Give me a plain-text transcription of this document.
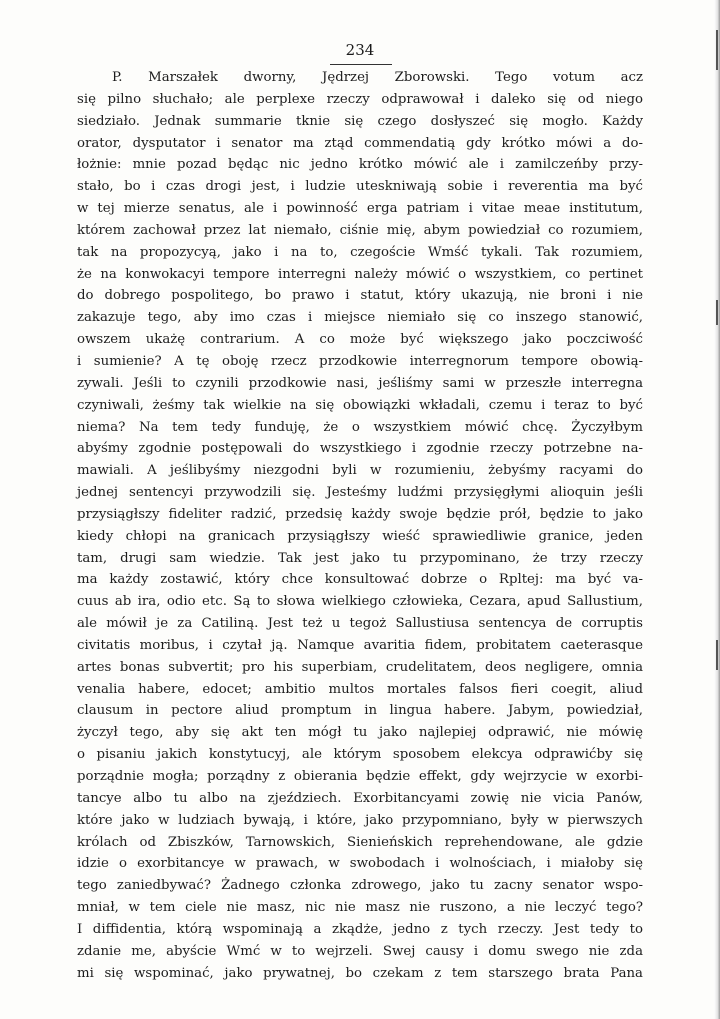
234
P. Marszałek dworny, Jędrzej Zborowski. Tego votum acz
się pilno słuchało; ale perplexe rzeczy odprawował i daleko się od niego
siedziało. Jednak summarie tknie się czego dosłyszeć się mogło. Każdy
orator, dysputator i senator ma ztąd commendatią gdy krótko mówi a do-
łożnie: mnie pozad będąc nic jedno krótko mówić ale i zamilczeńby przy-
stało, bo i czas drogi jest, i ludzie utesknіwają sobie i reverentia ma być
w tej mierze senatus, ale i powinność erga patriam i vitae meae institutum,
którem zachował przez lat niemało, ciśnie mię, abym powiedział co rozumiem,
tak na propozycyą, jako i na to, czegoście Wmść tykali. Tak rozumiem,
że na konwokacyi tempore interregni należy mówić o wszystkiem, co pertinet
do dobrego pospolitego, bo prawo i statut, który ukazują, nie broni i nie
zakazuje tego, aby imo czas i miejsce niemiało się co inszego stanowić,
owszem ukażę contrarium. A co może być większego jako poczciwość
i sumienie? A tę oboję rzecz przodkowie interregnorum tempore obowią-
zywali. Jeśli to czynili przodkowie nasi, jeśliśmy sami w przeszłe interregna
czyniwali, żeśmy tak wielkie na się obowiązki wkładali, czemu i teraz to być
niema? Na tem tedy funduję, że o wszystkiem mówić chcę. Życzyłbym
abyśmy zgodnie postępowali do wszystkiego i zgodnie rzeczy potrzebne na-
mawiali. A jeślibyśmy niezgodni byli w rozumieniu, żebyśmy racyami do
jednej sentencyi przywodzili się. Jesteśmy ludźmi przysięgłymi alioquin jeśli
przysiągłszy fideliter radzić, przedsię każdy swoje będzie prół, będzie to jako
kiedy chłopi na granicach przysiągłszy wieść sprawiedliwie granice, jeden
tam, drugi sam wiedzie. Tak jest jako tu przypominano, że trzy rzeczy
ma każdy zostawić, który chce konsultować dobrze o Rpltej: ma być va-
cuus ab ira, odio etc. Są to słowa wielkiego człowieka, Cezara, apud Sallustium,
ale mówił je za Catiliną. Jest też u tegoż Sallustiusa sentencya de corruptis
civitatis moribus, i czytał ją. Namque avaritia fidem, probitatem caeterasque
artes bonas subvertit; pro his superbiam, crudelitatem, deos negligere, omnia
venalia habere, edocet; ambitio multos mortales falsos fieri coegit, aliud
clausum in pectore aliud promptum in lingua habere. Jabym, powiedział,
życzył tego, aby się akt ten mógł tu jako najlepiej odprawić, nie mówię
o pisaniu jakich konstytucyj, ale którym sposobem elekcya odprawićby się
porządnie mogła; porządny z obierania będzie effekt, gdy wejrzycie w exorbi-
tancye albo tu albo na zjeździech. Exorbitancyami zowię nie vicia Panów,
które jako w ludziach bywają, i które, jako przypomniano, były w pierwszych
królach od Zbiszków, Tarnowskich, Sienieńskich reprehendowane, ale gdzie
idzie o exorbitancye w prawach, w swobodach i wolnościach, i miałoby się
tego zaniedbywać? Żadnego członka zdrowego, jako tu zacny senator wspo-
mniał, w tem ciele nie masz, nic nie masz nie ruszono, a nie leczyć tego?
I diffidentia, którą wspominają a zkądże, jedno z tych rzeczy. Jest tedy to
zdanie me, abyście Wmć w to wejrzeli. Swej causy i domu swego nie zda
mi się wspominać, jako prywatnej, bo czekam z tem starszego brata Pana
